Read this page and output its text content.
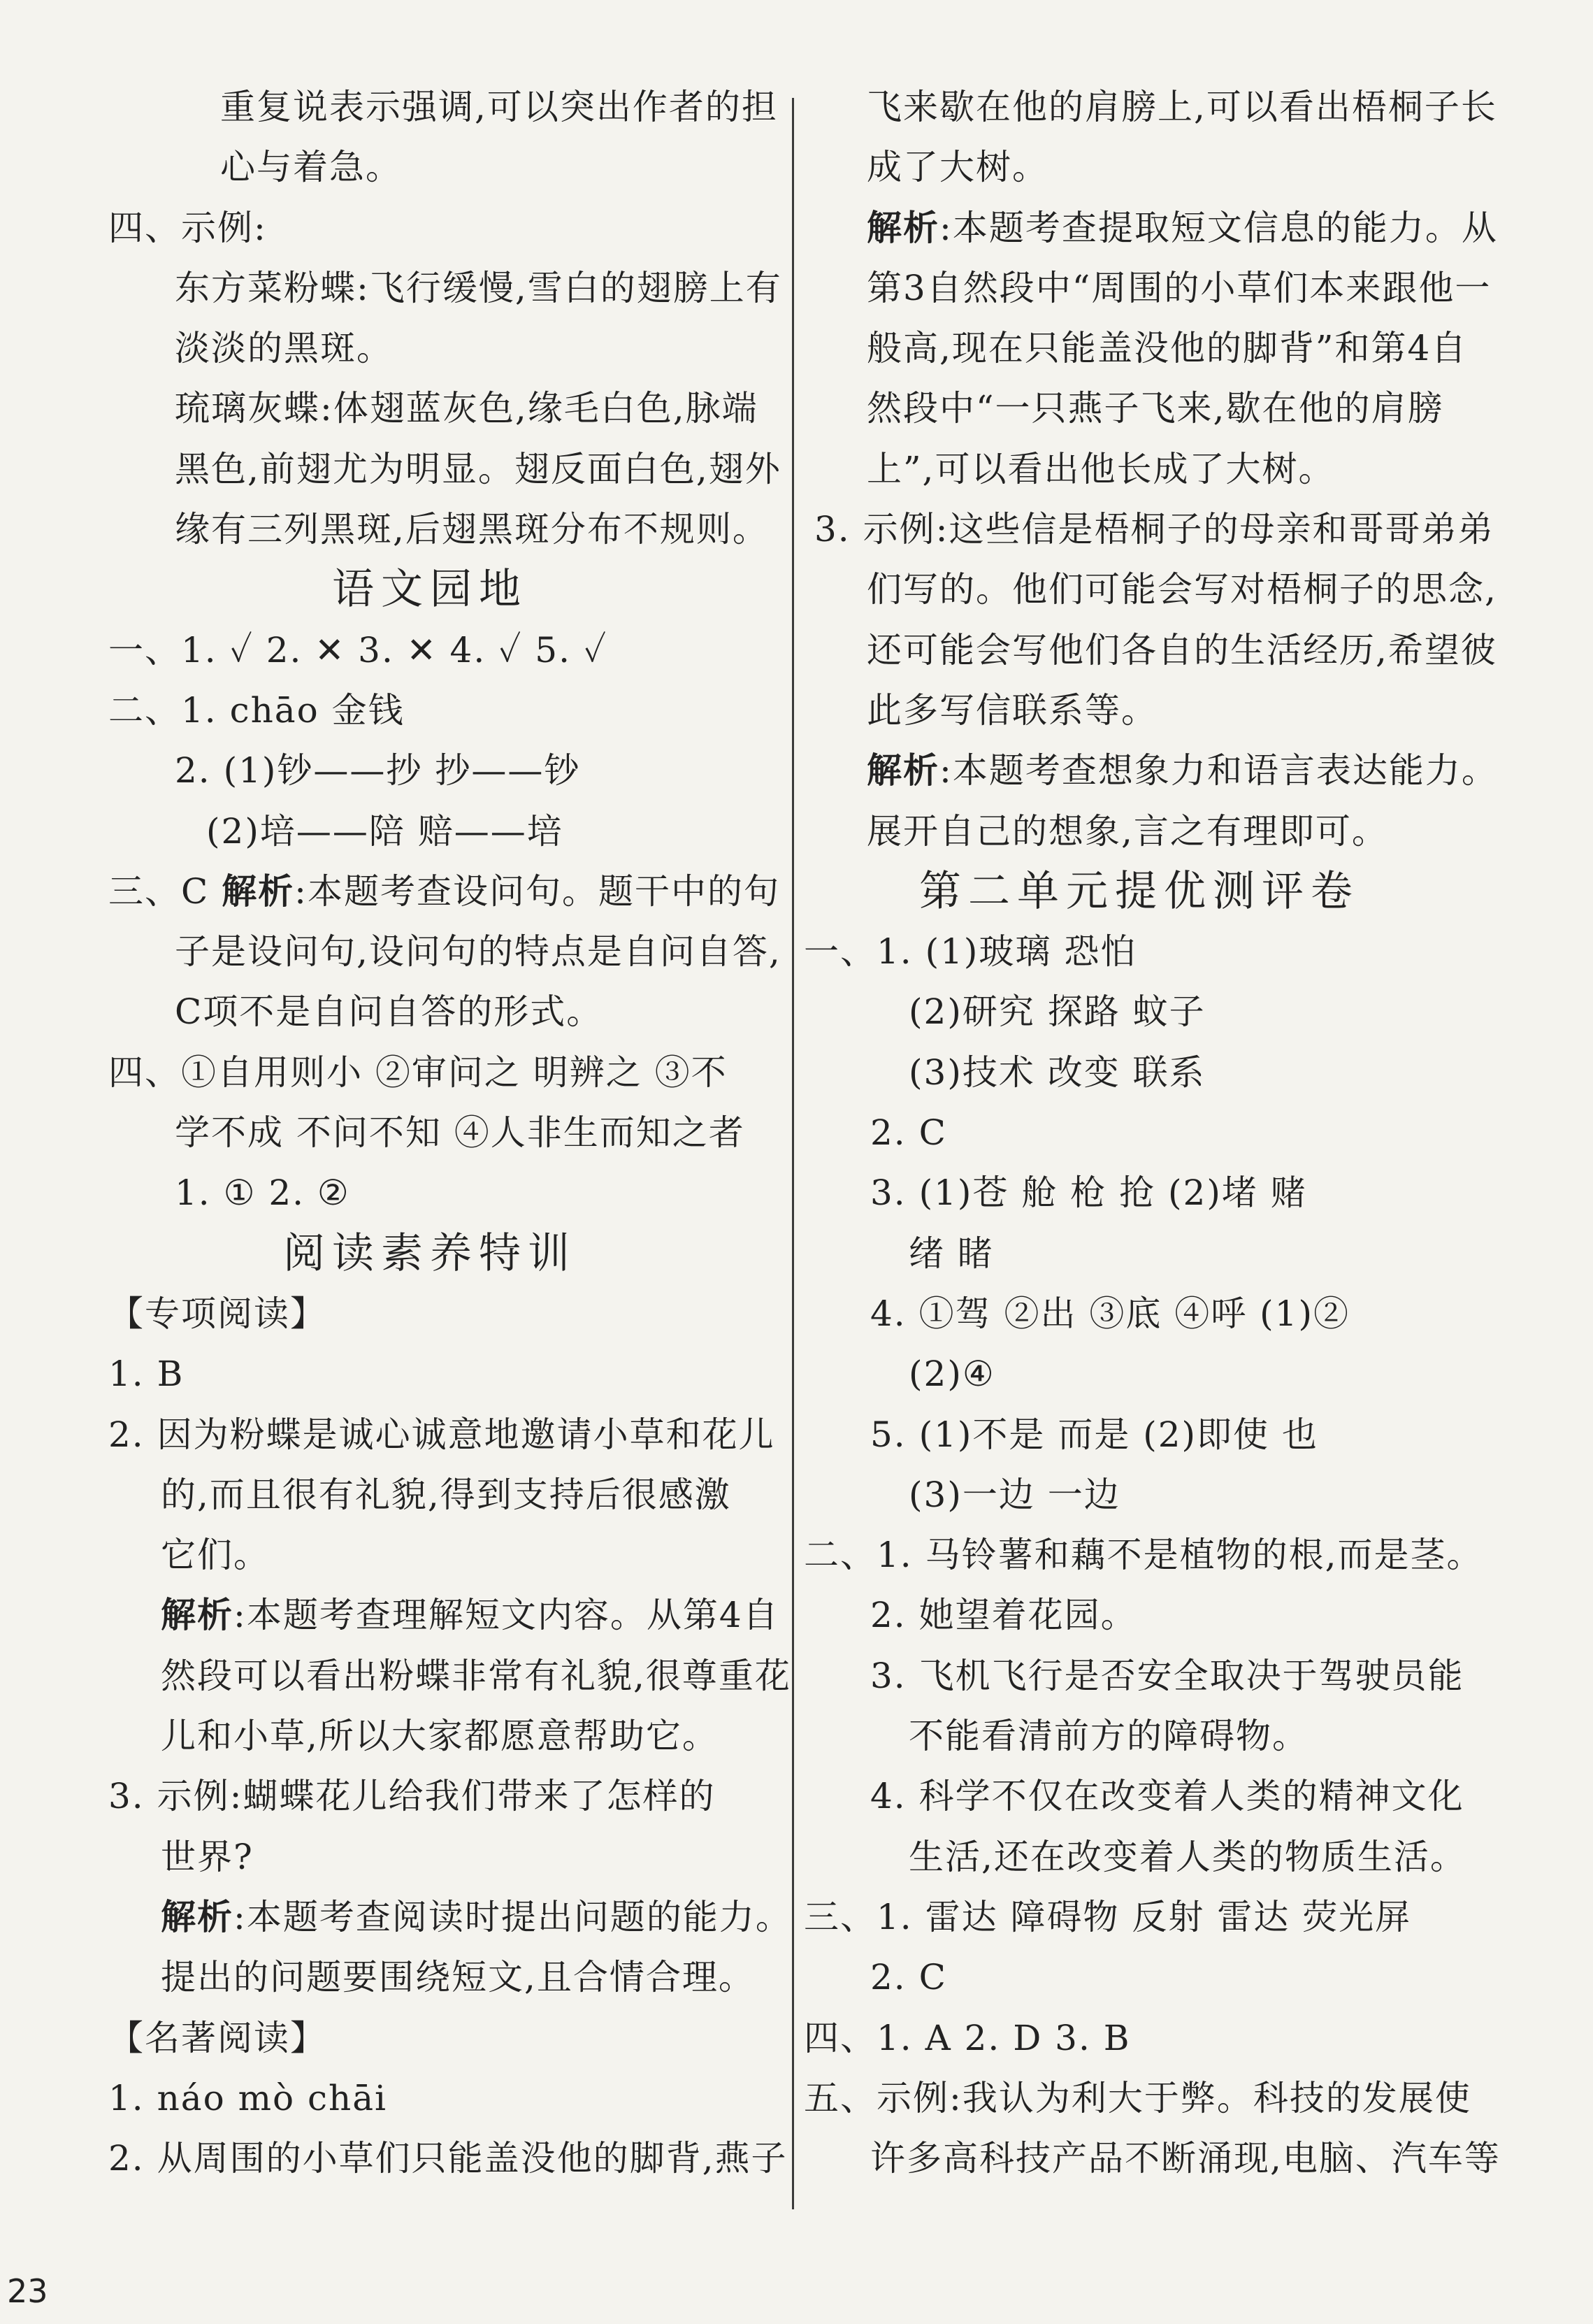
重复说表示强调,可以突出作者的担
心与着急。
四、示例:
东方菜粉蝶:飞行缓慢,雪白的翅膀上有
淡淡的黑斑。
琉璃灰蝶:体翅蓝灰色,缘毛白色,脉端
黑色,前翅尤为明显。翅反面白色,翅外
缘有三列黑斑,后翅黑斑分布不规则。
语文园地
一、1. ✓ 2. ✕ 3. ✕ 4. ✓ 5. ✓
二、1. chāo 金钱
2. (1)钞——抄 抄——钞
(2)培——陪 赔——培
三、C 解析:本题考查设问句。题干中的句
子是设问句,设问句的特点是自问自答,
C项不是自问自答的形式。
四、①自用则小 ②审问之 明辨之 ③不
学不成 不问不知 ④人非生而知之者
1. ① 2. ②
阅读素养特训
【专项阅读】
1. B
2. 因为粉蝶是诚心诚意地邀请小草和花儿
的,而且很有礼貌,得到支持后很感激
它们。
解析:本题考查理解短文内容。从第4自
然段可以看出粉蝶非常有礼貌,很尊重花
儿和小草,所以大家都愿意帮助它。
3. 示例:蝴蝶花儿给我们带来了怎样的
世界?
解析:本题考查阅读时提出问题的能力。
提出的问题要围绕短文,且合情合理。
【名著阅读】
1. náo mò chāi
2. 从周围的小草们只能盖没他的脚背,燕子
飞来歇在他的肩膀上,可以看出梧桐子长
成了大树。
解析:本题考查提取短文信息的能力。从
第3自然段中“周围的小草们本来跟他一
般高,现在只能盖没他的脚背”和第4自
然段中“一只燕子飞来,歇在他的肩膀
上”,可以看出他长成了大树。
3. 示例:这些信是梧桐子的母亲和哥哥弟弟
们写的。他们可能会写对梧桐子的思念,
还可能会写他们各自的生活经历,希望彼
此多写信联系等。
解析:本题考查想象力和语言表达能力。
展开自己的想象,言之有理即可。
第二单元提优测评卷
一、1. (1)玻璃 恐怕
(2)研究 探路 蚊子
(3)技术 改变 联系
2. C
3. (1)苍 舱 枪 抢 (2)堵 赌
绪 睹
4. ①驾 ②出 ③底 ④呼 (1)②
(2)④
5. (1)不是 而是 (2)即使 也
(3)一边 一边
二、1. 马铃薯和藕不是植物的根,而是茎。
2. 她望着花园。
3. 飞机飞行是否安全取决于驾驶员能
不能看清前方的障碍物。
4. 科学不仅在改变着人类的精神文化
生活,还在改变着人类的物质生活。
三、1. 雷达 障碍物 反射 雷达 荧光屏
2. C
四、1. A 2. D 3. B
五、示例:我认为利大于弊。科技的发展使
许多高科技产品不断涌现,电脑、汽车等
23
